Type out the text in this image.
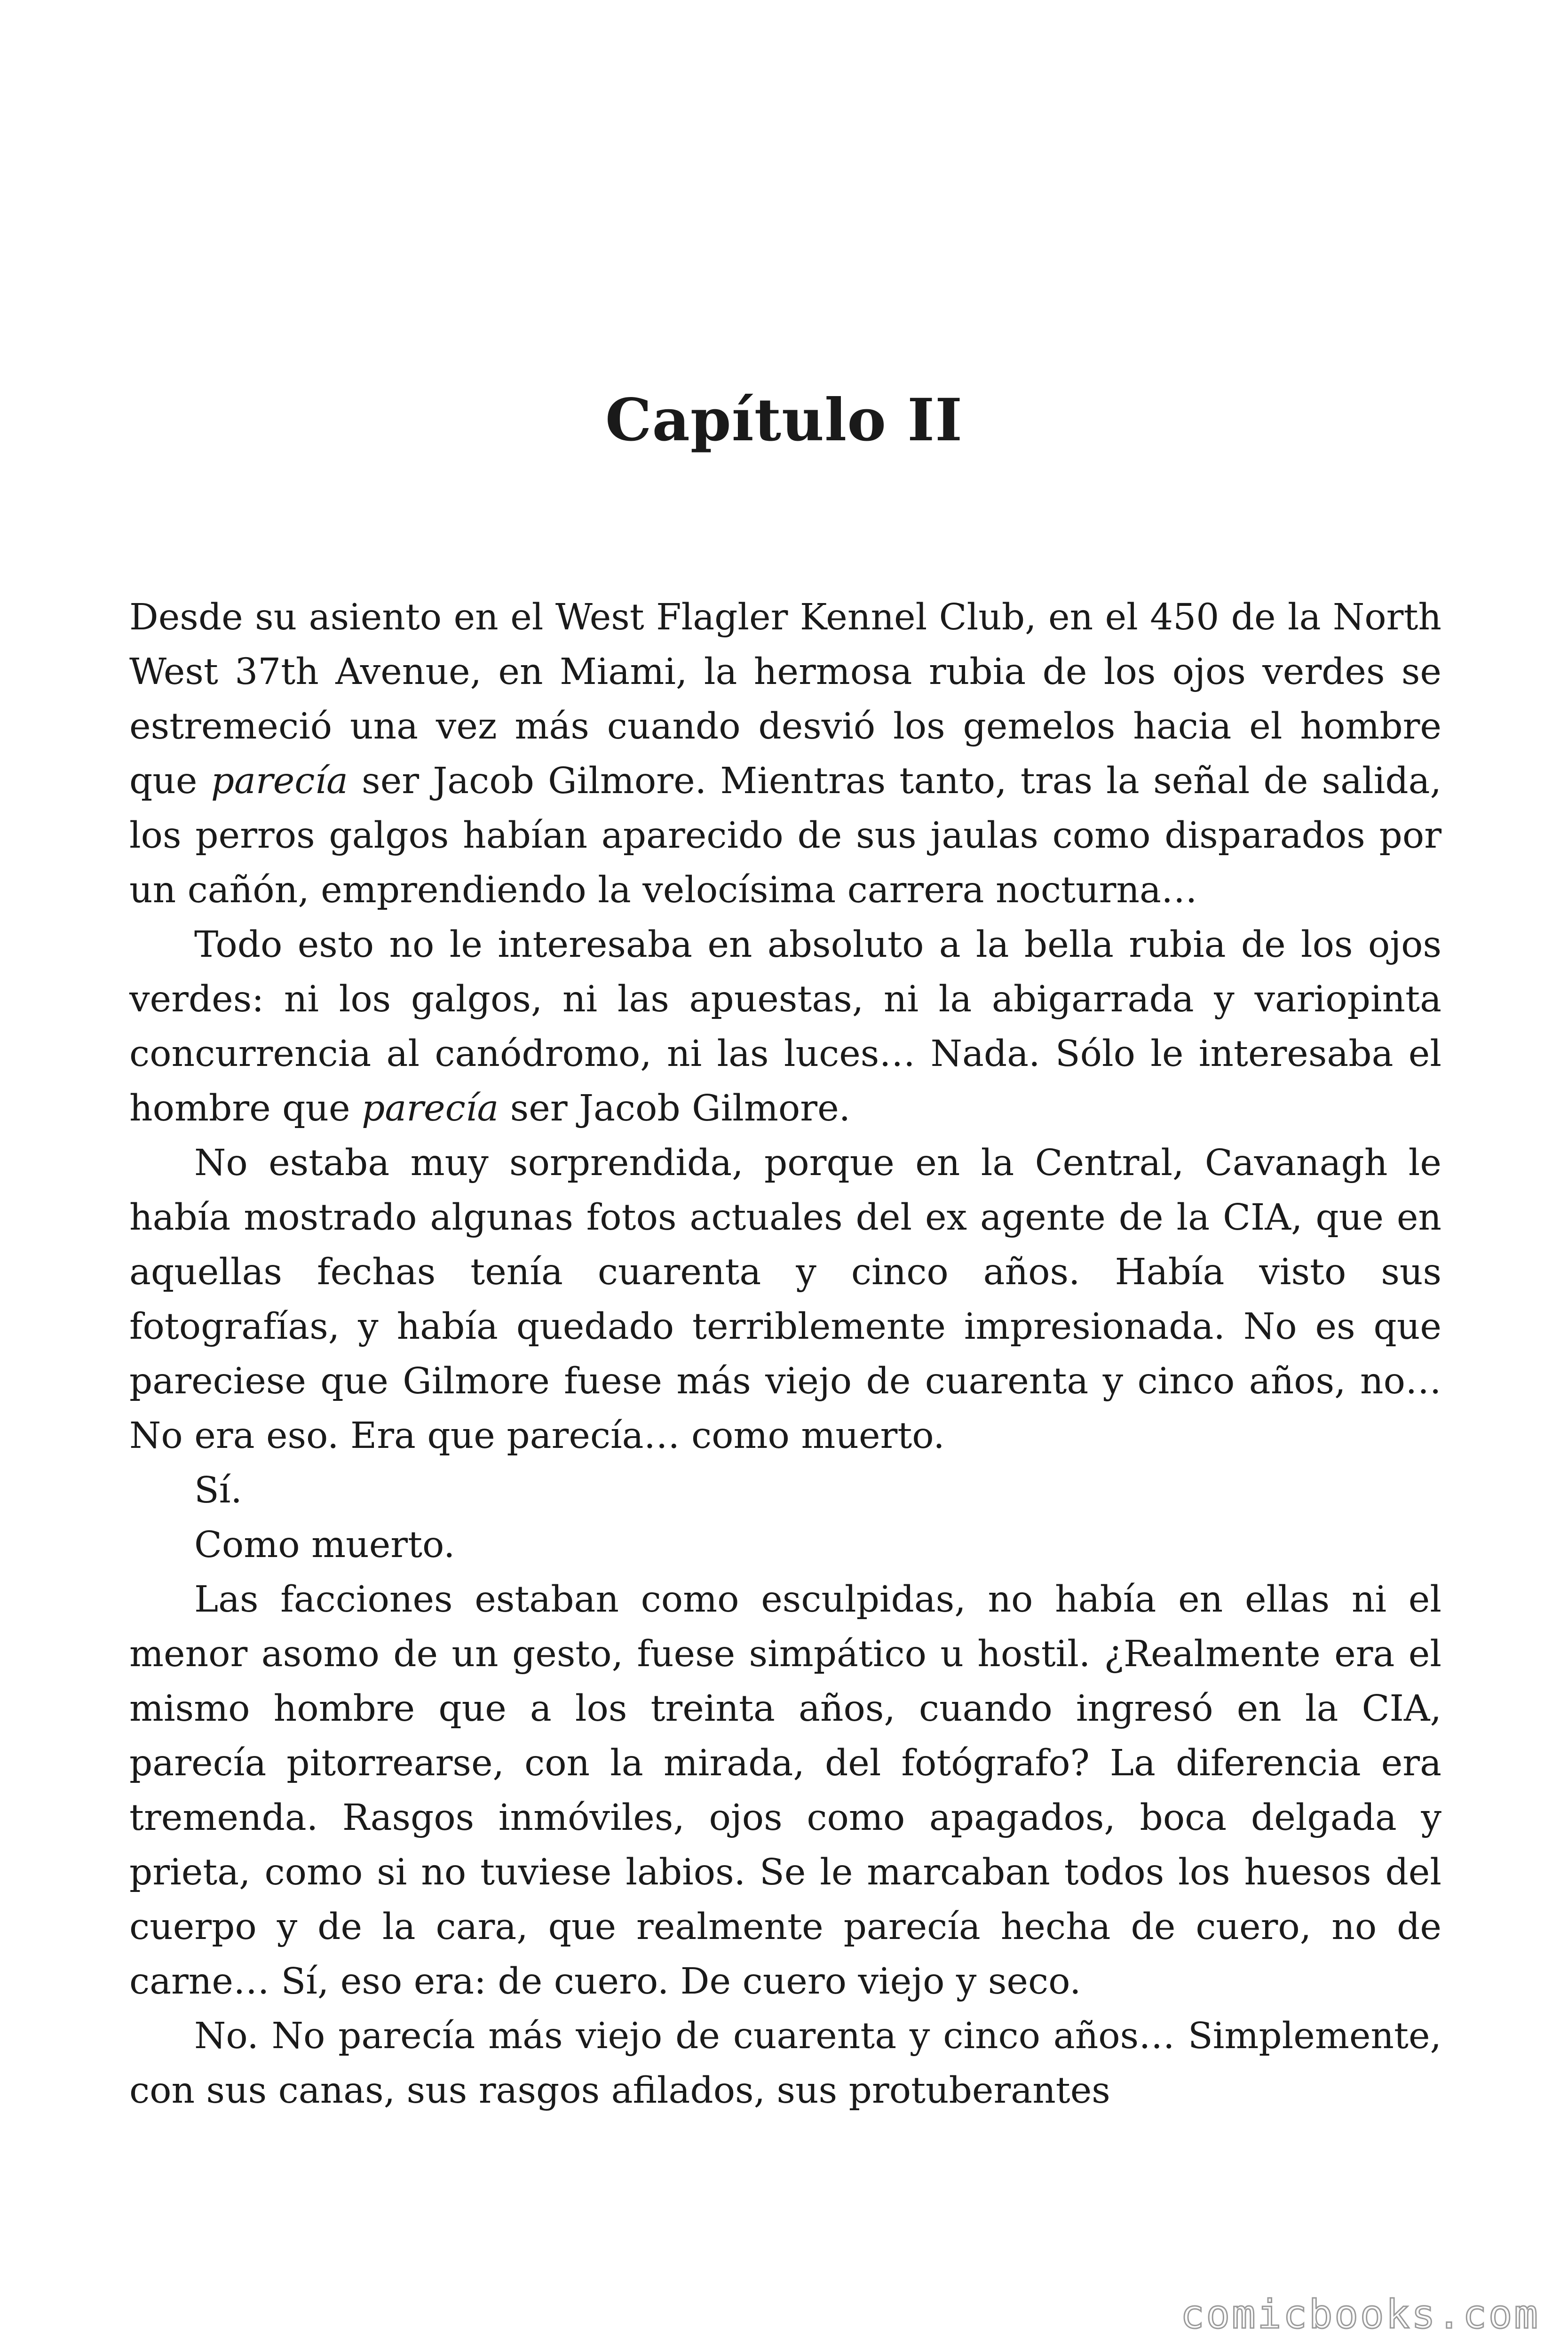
Capítulo II

Desde su asiento en el West Flagler Kennel Club, en el 450 de la North West 37th Avenue, en Miami, la hermosa rubia de los ojos verdes se estremeció una vez más cuando desvió los gemelos hacia el hombre que parecía ser Jacob Gilmore. Mientras tanto, tras la señal de salida, los perros galgos habían aparecido de sus jaulas como disparados por un cañón, emprendiendo la velocísima carrera nocturna…

Todo esto no le interesaba en absoluto a la bella rubia de los ojos verdes: ni los galgos, ni las apuestas, ni la abigarrada y variopinta concurrencia al canódromo, ni las luces… Nada. Sólo le interesaba el hombre que parecía ser Jacob Gilmore.

No estaba muy sorprendida, porque en la Central, Cavanagh le había mostrado algunas fotos actuales del ex agente de la CIA, que en aquellas fechas tenía cuarenta y cinco años. Había visto sus fotografías, y había quedado terriblemente impresionada. No es que pareciese que Gilmore fuese más viejo de cuarenta y cinco años, no… No era eso. Era que parecía… como muerto.

Sí.

Como muerto.

Las facciones estaban como esculpidas, no había en ellas ni el menor asomo de un gesto, fuese simpático u hostil. ¿Realmente era el mismo hombre que a los treinta años, cuando ingresó en la CIA, parecía pitorrearse, con la mirada, del fotógrafo? La diferencia era tremenda. Rasgos inmóviles, ojos como apagados, boca delgada y prieta, como si no tuviese labios. Se le marcaban todos los huesos del cuerpo y de la cara, que realmente parecía hecha de cuero, no de carne… Sí, eso era: de cuero. De cuero viejo y seco.

No. No parecía más viejo de cuarenta y cinco años… Simplemente, con sus canas, sus rasgos afilados, sus protuberantes

comicbooks.com
